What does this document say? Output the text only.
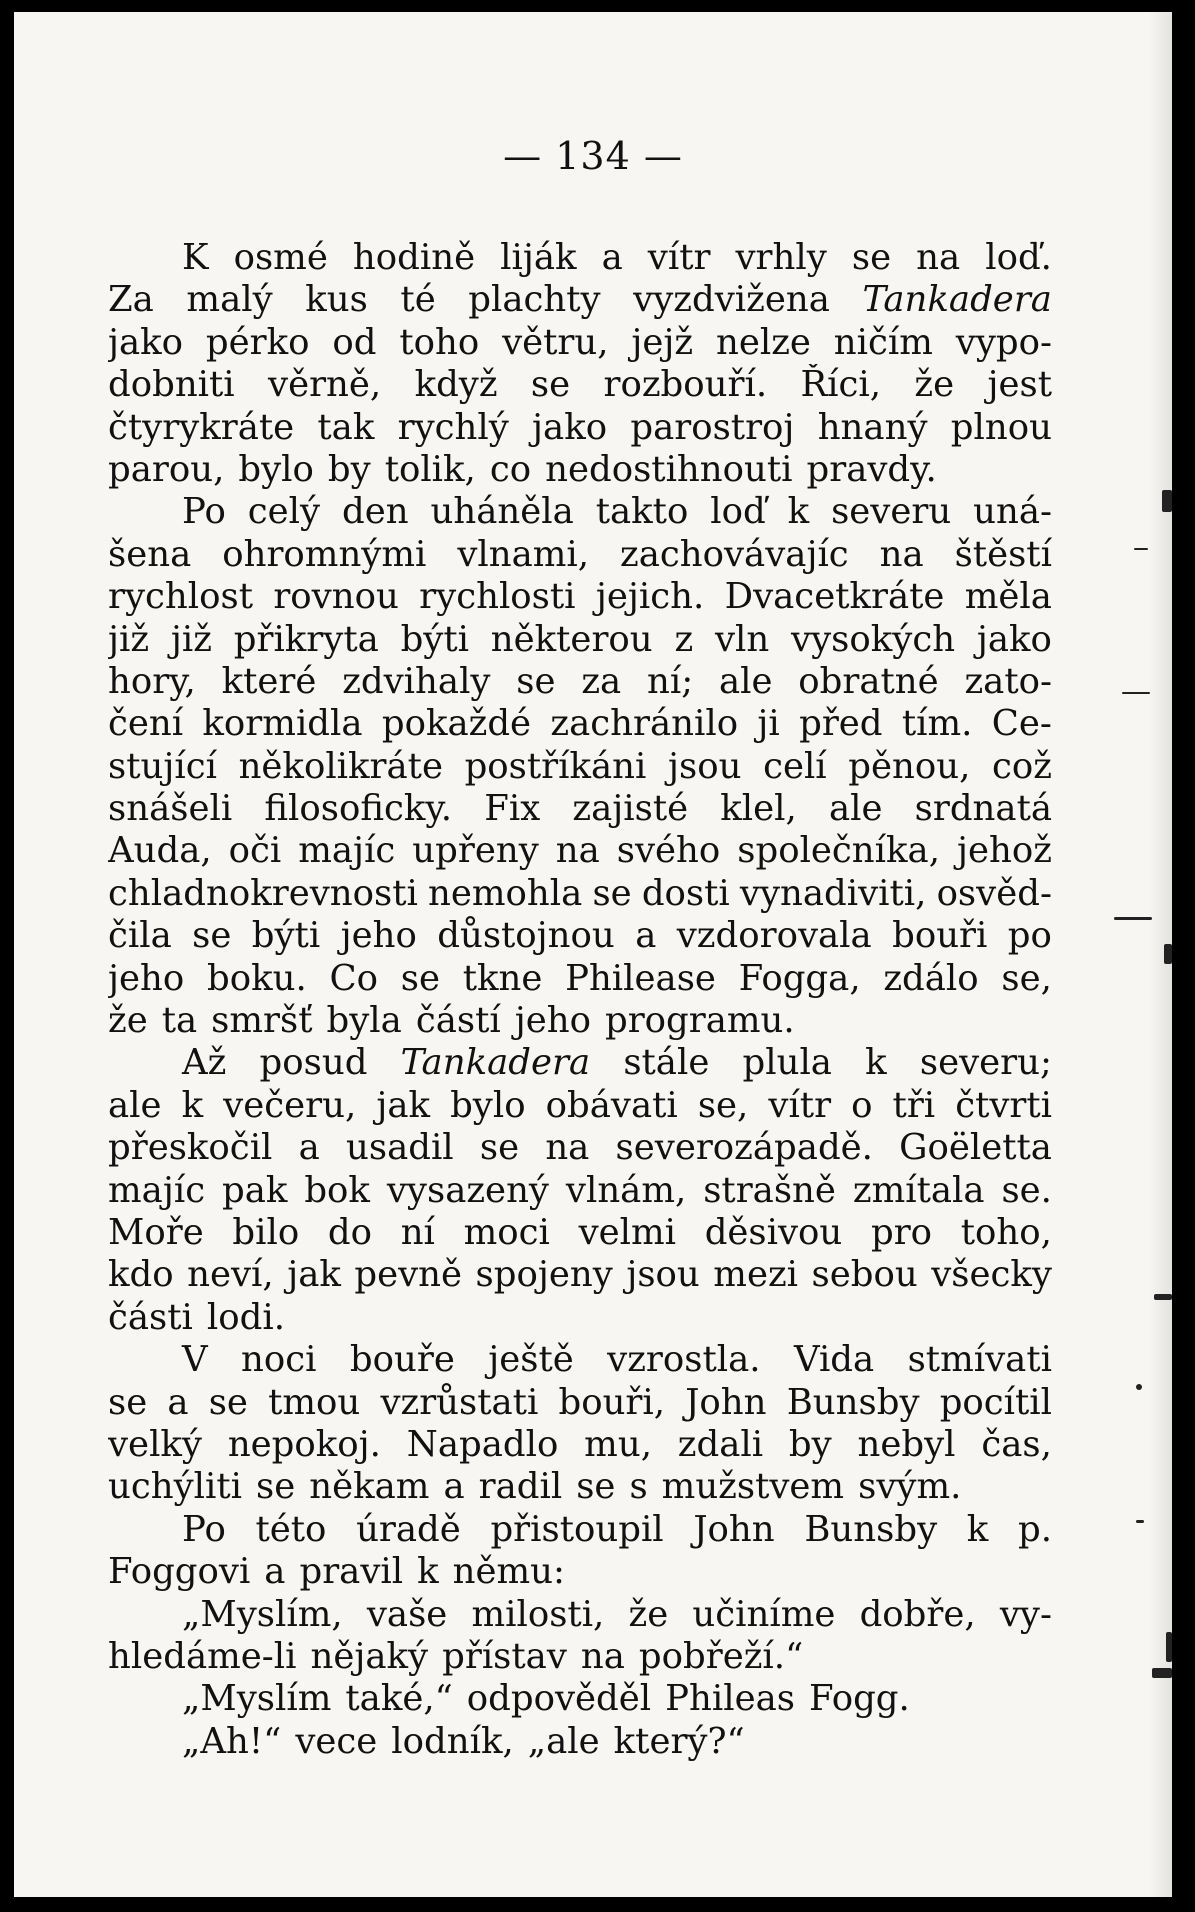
— 134 —
K osmé hodině liják a vítr vrhly se na loď.
Za malý kus té plachty vyzdvižena Tankadera
jako pérko od toho větru, jejž nelze ničím vypo-
dobniti věrně, když se rozbouří. Říci, že jest
čtyrykráte tak rychlý jako parostroj hnaný plnou
parou, bylo by tolik, co nedostihnouti pravdy.
Po celý den uháněla takto loď k severu uná-
šena ohromnými vlnami, zachovávajíc na štěstí
rychlost rovnou rychlosti jejich. Dvacetkráte měla
již již přikryta býti některou z vln vysokých jako
hory, které zdvihaly se za ní; ale obratné zato-
čení kormidla pokaždé zachránilo ji před tím. Ce-
stující několikráte postříkáni jsou celí pěnou, což
snášeli filosoficky. Fix zajisté klel, ale srdnatá
Auda, oči majíc upřeny na svého společníka, jehož
chladnokrevnosti nemohla se dosti vynadiviti, osvěd-
čila se býti jeho důstojnou a vzdorovala bouři po
jeho boku. Co se tkne Phileasе Fogga, zdálo se,
že ta smršť byla částí jeho programu.
Až posud Tankadera stále plula k severu;
ale k večeru, jak bylo obávati se, vítr o tři čtvrti
přeskočil a usadil se na severozápadě. Goëletta
majíc pak bok vysazený vlnám, strašně zmítala se.
Moře bilo do ní moci velmi děsivou pro toho,
kdo neví, jak pevně spojeny jsou mezi sebou všecky
části lodi.
V noci bouře ještě vzrostla. Vida stmívati
se a se tmou vzrůstati bouři, John Bunsby pocítil
velký nepokoj. Napadlo mu, zdali by nebyl čas,
uchýliti se někam a radil se s mužstvem svým.
Po této úradě přistoupil John Bunsby k p.
Foggovi a pravil k němu:
„Myslím, vaše milosti, že učiníme dobře, vy-
hledáme-li nějaký přístav na pobřeží.“
„Myslím také,“ odpověděl Phileas Fogg.
„Ah!“ vece lodník, „ale který?“
